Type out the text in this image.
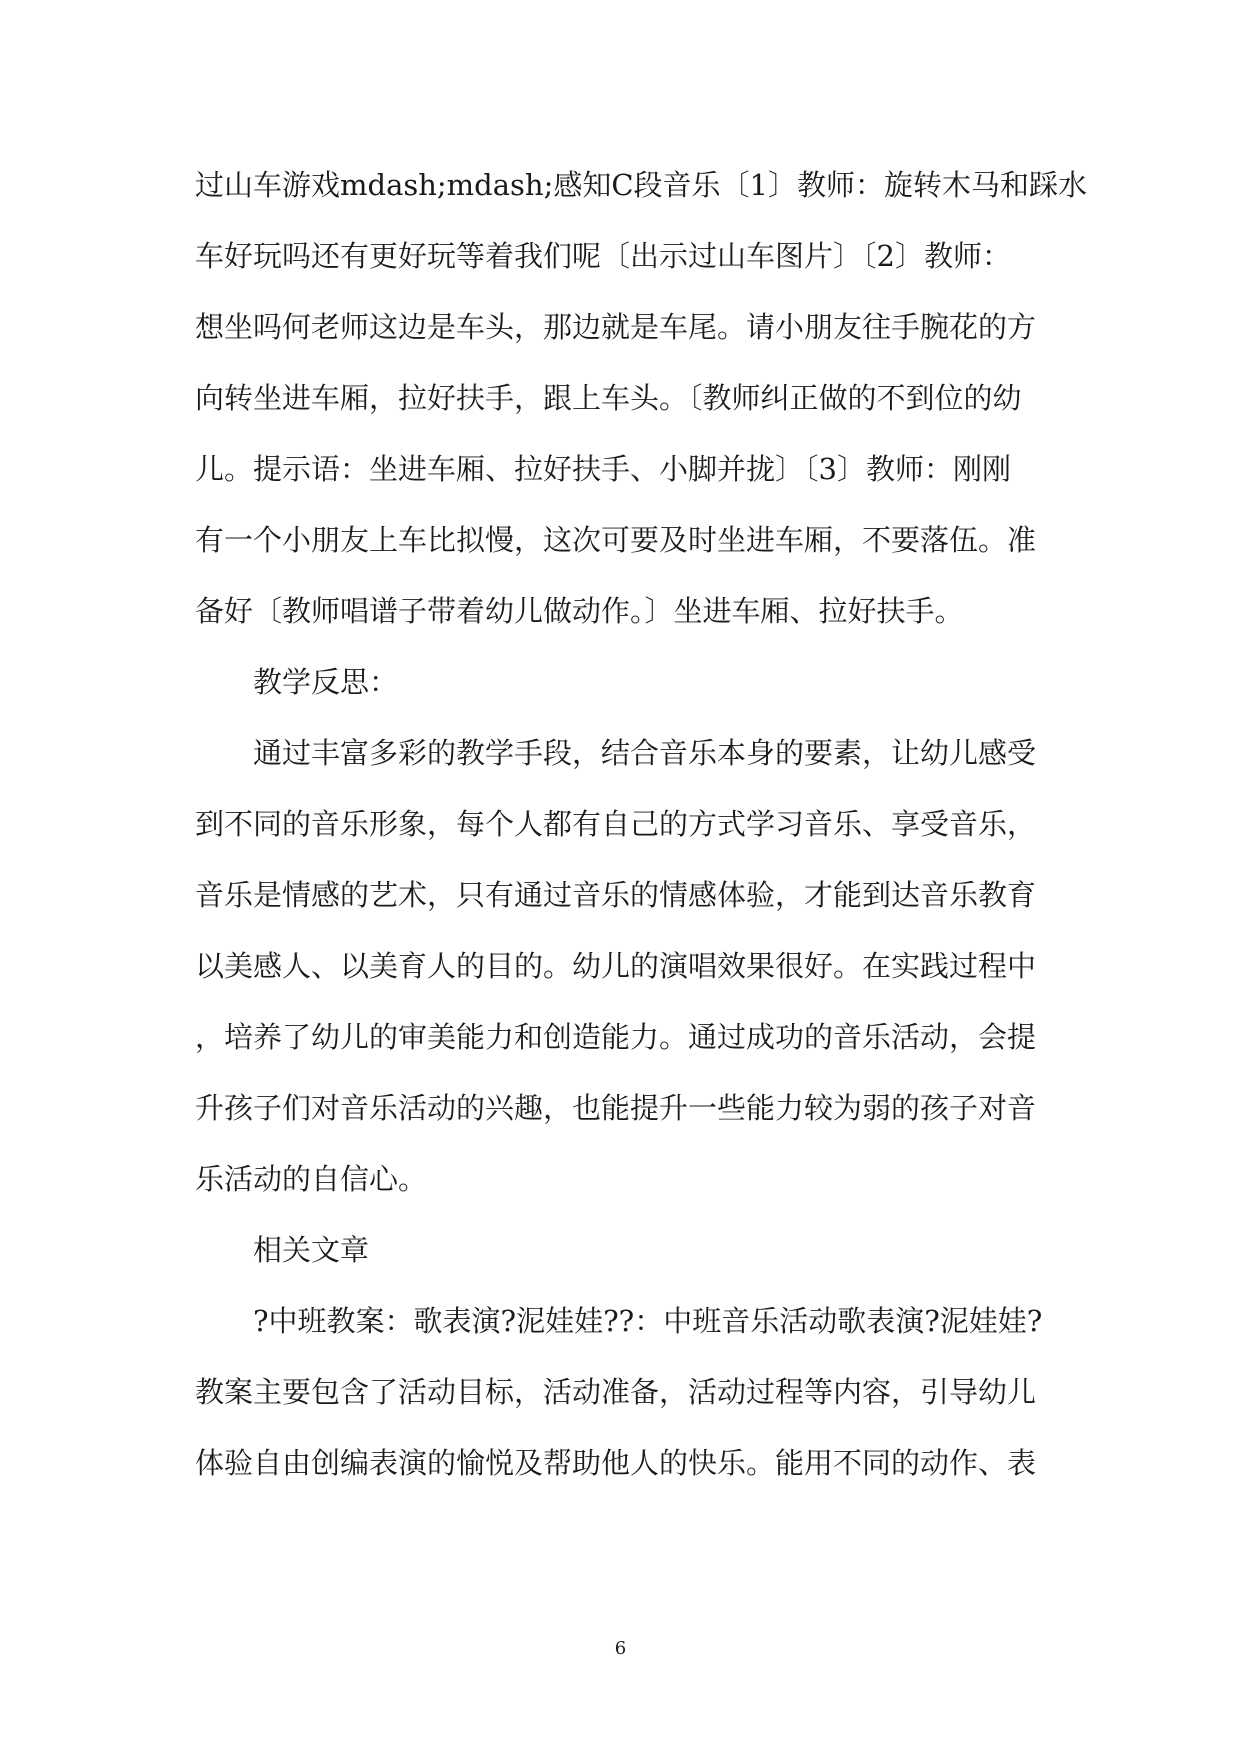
过山车游戏mdash;mdash;感知C段音乐〔1〕教师：旋转木马和踩水
车好玩吗还有更好玩等着我们呢〔出示过山车图片〕〔2〕教师：
想坐吗何老师这边是车头，那边就是车尾。请小朋友往手腕花的方
向转坐进车厢，拉好扶手，跟上车头。〔教师纠正做的不到位的幼
儿。提示语：坐进车厢、拉好扶手、小脚并拢〕〔3〕教师：刚刚
有一个小朋友上车比拟慢，这次可要及时坐进车厢，不要落伍。准
备好〔教师唱谱子带着幼儿做动作。〕坐进车厢、拉好扶手。
教学反思：
通过丰富多彩的教学手段，结合音乐本身的要素，让幼儿感受
到不同的音乐形象，每个人都有自己的方式学习音乐、享受音乐，
音乐是情感的艺术，只有通过音乐的情感体验，才能到达音乐教育
以美感人、以美育人的目的。幼儿的演唱效果很好。在实践过程中
，培养了幼儿的审美能力和创造能力。通过成功的音乐活动，会提
升孩子们对音乐活动的兴趣，也能提升一些能力较为弱的孩子对音
乐活动的自信心。
相关文章
?中班教案：歌表演?泥娃娃??：中班音乐活动歌表演?泥娃娃?
教案主要包含了活动目标，活动准备，活动过程等内容，引导幼儿
体验自由创编表演的愉悦及帮助他人的快乐。能用不同的动作、表
6
